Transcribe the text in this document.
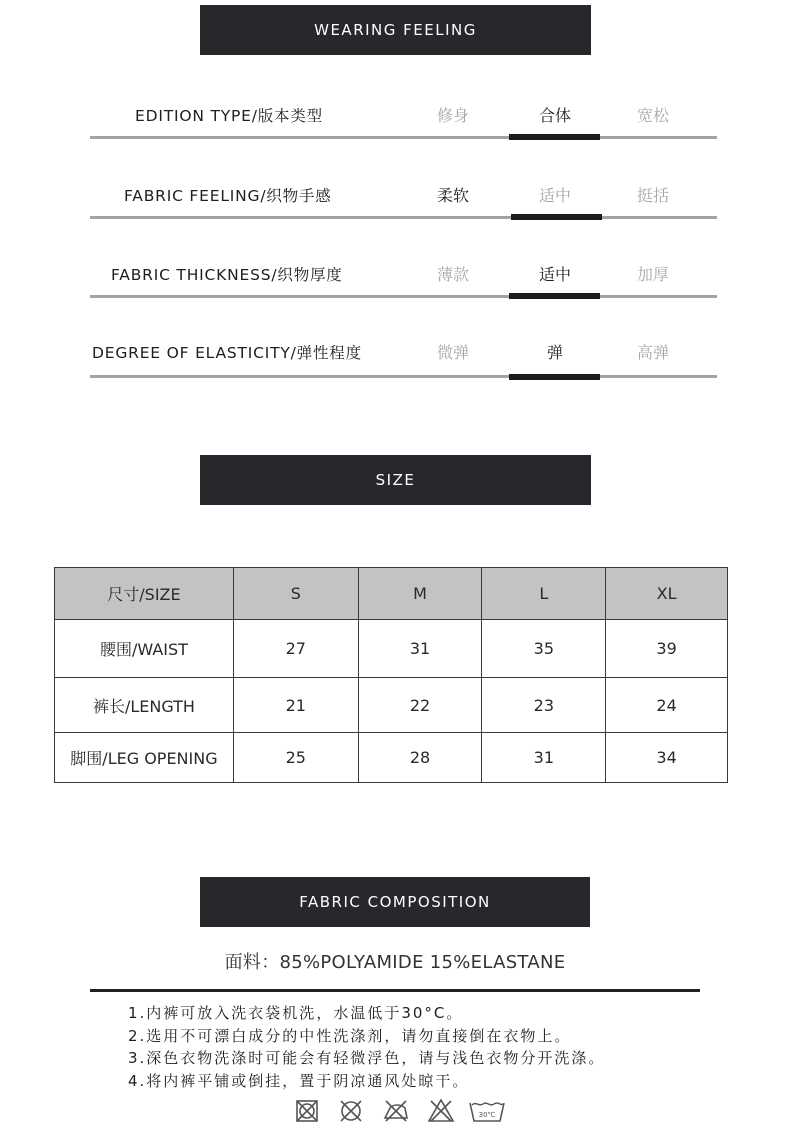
WEARING FEELING
EDITION TYPE/版本类型	修身	合体	宽松
FABRIC FEELING/织物手感	柔软	适中	挺括
FABRIC THICKNESS/织物厚度	薄款	适中	加厚
DEGREE OF ELASTICITY/弹性程度	微弹	弹	高弹
SIZE
尺寸/SIZE	S	M	L	XL
腰围/WAIST	27	31	35	39
裤长/LENGTH	21	22	23	24
脚围/LEG OPENING	25	28	31	34
FABRIC COMPOSITION
面料：85%POLYAMIDE 15%ELASTANE
1.内裤可放入洗衣袋机洗，水温低于30°C。
2.选用不可漂白成分的中性洗涤剂，请勿直接倒在衣物上。
3.深色衣物洗涤时可能会有轻微浮色，请与浅色衣物分开洗涤。
4.将内裤平铺或倒挂，置于阴凉通风处晾干。
30℃
